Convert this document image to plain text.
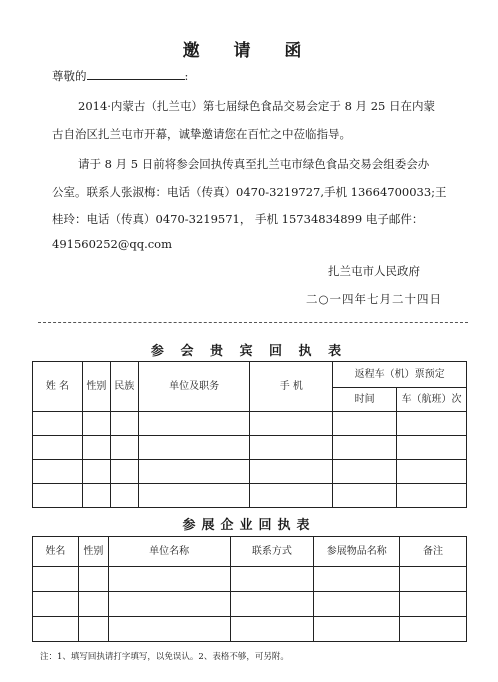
邀 请 函
尊敬的	:
2014·内蒙古（扎兰屯）第七届绿色食品交易会定于 8 月 25 日在内蒙
古自治区扎兰屯市开幕，诚挚邀请您在百忙之中莅临指导。
请于 8 月 5 日前将参会回执传真至扎兰屯市绿色食品交易会组委会办
公室。联系人张淑梅：电话（传真）0470-3219727,手机 13664700033;王
桂玲：电话（传真）0470-3219571， 手机 15734834899 电子邮件：
491560252@qq.com
扎兰屯市人民政府
二○一四年七月二十四日
参 会 贵 宾 回 执 表
姓 名	性别	民族	单位及职务	手 机	返程车（机）票预定	
					时间	车（航班）次

参展企业回执表
姓名	性别	单位名称	联系方式	参展物品名称	备注

注：1、填写回执请打字填写，以免误认。2、表格不够，可另附。
